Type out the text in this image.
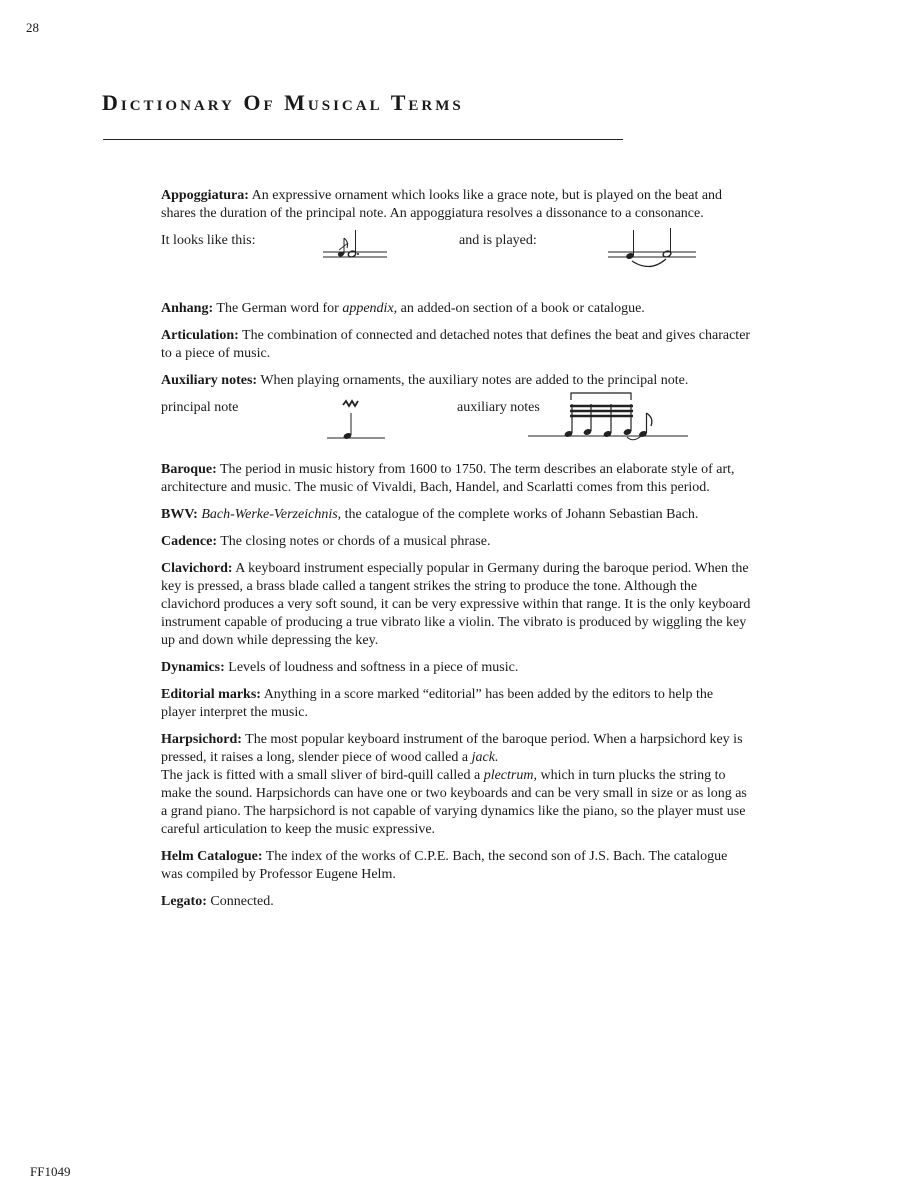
28
Dictionary Of Musical Terms

Appoggiatura: An expressive ornament which looks like a grace note, but is played on the beat and shares the duration of the principal note. An appoggiatura resolves a dissonance to a consonance.

It looks like this:	and is played:

Anhang: The German word for appendix, an added-on section of a book or catalogue.

Articulation: The combination of connected and detached notes that defines the beat and gives character to a piece of music.

Auxiliary notes: When playing ornaments, the auxiliary notes are added to the principal note.

principal note	auxiliary notes

Baroque: The period in music history from 1600 to 1750. The term describes an elaborate style of art, architecture and music. The music of Vivaldi, Bach, Handel, and Scarlatti comes from this period.

BWV: Bach-Werke-Verzeichnis, the catalogue of the complete works of Johann Sebastian Bach.

Cadence: The closing notes or chords of a musical phrase.

Clavichord: A keyboard instrument especially popular in Germany during the baroque period. When the key is pressed, a brass blade called a tangent strikes the string to produce the tone. Although the clavichord produces a very soft sound, it can be very expressive within that range. It is the only keyboard instrument capable of producing a true vibrato like a violin. The vibrato is produced by wiggling the key up and down while depressing the key.

Dynamics: Levels of loudness and softness in a piece of music.

Editorial marks: Anything in a score marked “editorial” has been added by the editors to help the player interpret the music.

Harpsichord: The most popular keyboard instrument of the baroque period. When a harpsichord key is pressed, it raises a long, slender piece of wood called a jack.
The jack is fitted with a small sliver of bird-quill called a plectrum, which in turn plucks the string to make the sound. Harpsichords can have one or two keyboards and can be very small in size or as long as a grand piano. The harpsichord is not capable of varying dynamics like the piano, so the player must use careful articulation to keep the music expressive.

Helm Catalogue: The index of the works of C.P.E. Bach, the second son of J.S. Bach. The catalogue was compiled by Professor Eugene Helm.

Legato: Connected.

FF1049
